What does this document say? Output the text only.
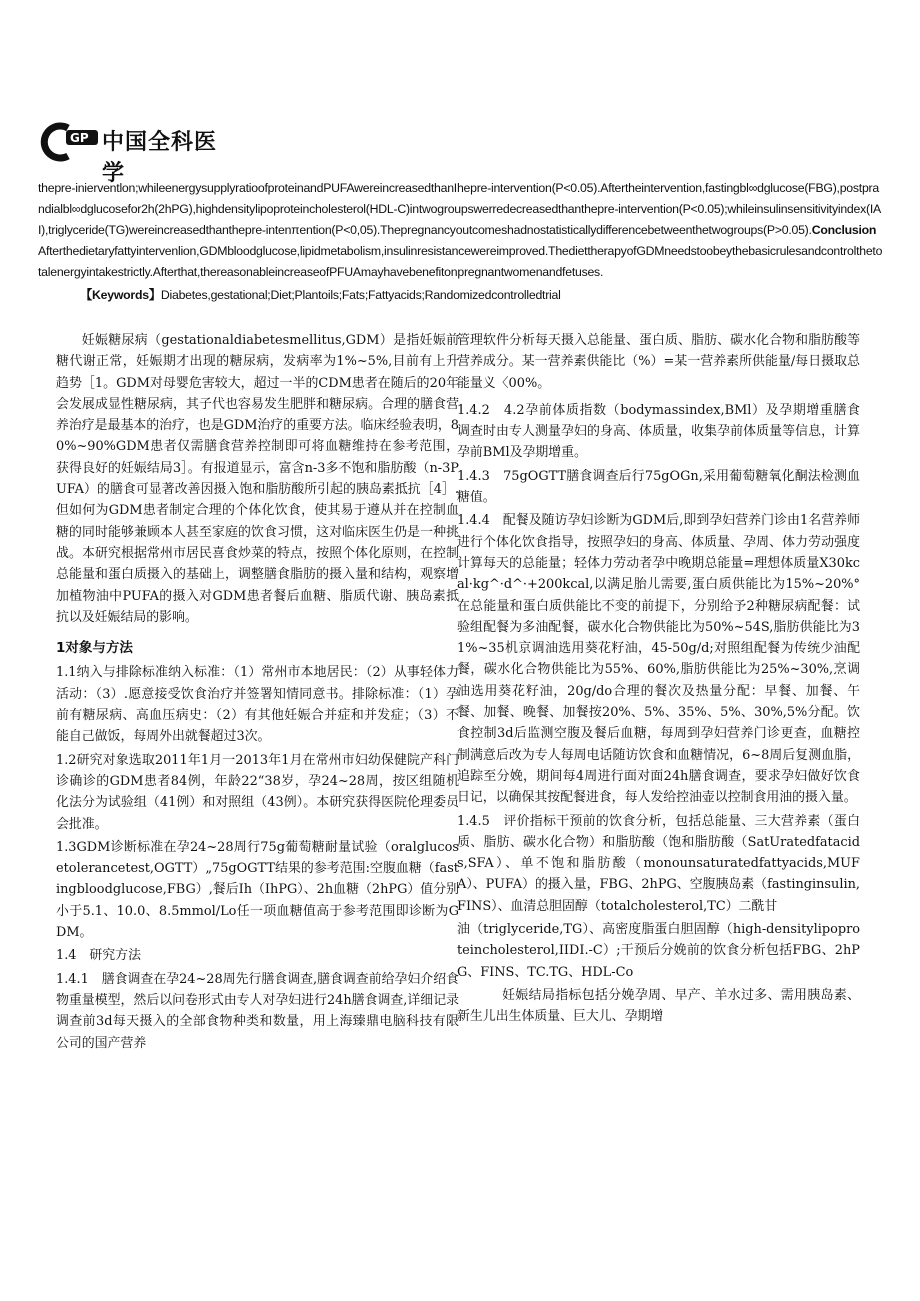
GP 中国全科医学

thepre-inierventlon;whileenergysupplyratioofproteinandPUFAwereincreasedthanIhepre-intervention(P<0.05).Aftertheintervention,fastingbl∞dglucose(FBG),postprandialbl∞dglucosefor2h(2hPG),highdensitylipoproteincholesterol(HDL-C)intwogroupswerredecreasedthanthepre-intervention(P<0.05);whileinsulinsensitivityindex(IAI),triglyceride(TG)wereincreasedthanthepre-intenπention(P<0,05).Thepregnancyoutcomeshadnostatisticallydifferencebetweenthetwogroups(P>0.05).ConclusionAfterthedietaryfattyintervenlion,GDMbloodglucose,lipidmetabolism,insulinresistancewereimproved.ThediettherapyofGDMneedstoobeythebasicrulesandcontrolthetotalenergyintakestrictly.Afterthat,thereasonableincreaseofPFUAmayhavebenefitonpregnantwomenandfetuses.

【Keywords】Diabetes,gestational;Diet;Plantoils;Fats;Fattyacids;Randomizedcontrolledtrial

妊娠糖尿病（gestationaldiabetesmellitus,GDM）是指妊娠前糖代谢正常，妊娠期才出现的糖尿病，发病率为1%~5%,目前有上升趋势［1。GDM对母婴危害较大，超过一半的CDM患者在随后的20年会发展成显性糖尿病，其子代也容易发生肥胖和糖尿病。合理的膳食营养治疗是最基本的治疗，也是GDM治疗的重要方法。临床经验表明，80%~90%GDM患者仅需膳食营养控制即可将血糖维持在参考范围，获得良好的妊娠结局3］。有报道显示，富含n-3多不饱和脂肪酸（n-3PUFA）的膳食可显著改善因摄入饱和脂肪酸所引起的胰岛素抵抗［4］.但如何为GDM患者制定合理的个体化饮食，使其易于遵从并在控制血糖的同时能够兼顾本人甚至家庭的饮食习惯，这对临床医生仍是一种挑战。本研究根据常州市居民喜食炒菜的特点，按照个体化原则，在控制总能量和蛋白质摄入的基础上，调整膳食脂肪的摄入量和结构，观察增加植物油中PUFA的摄入对GDM患者餐后血糖、脂质代谢、胰岛素抵抗以及妊娠结局的影响。

1对象与方法

1.1纳入与排除标准纳入标准：（1）常州市本地居民：（2）从事轻体力活动：（3）.愿意接受饮食治疗并签署知情同意书。排除标准：（1）孕前有糖尿病、高血压病史：（2）有其他妊娠合并症和并发症；（3）不能自己做饭，每周外出就餐超过3次。

1.2研究对象选取2011年1月一2013年1月在常州市妇幼保健院产科门诊确诊的GDM患者84例，年龄22“38岁，孕24~28周，按区组随机化法分为试验组（41例）和对照组（43例）。本研究获得医院伦理委员会批准。

1.3GDM诊断标准在孕24~28周行75g葡萄糖耐量试验（oralglucosetolerancetest,OGTT）„75gOGTT结果的参考范围:空腹血糖（fastingbloodglucose,FBG）,餐后Ih（IhPG）、2h血糖（2hPG）值分别小于5.1、10.0、8.5mmol/Lo任一项血糖值高于参考范围即诊断为GDM。

1.4　研究方法

1.4.1　膳食调查在孕24~28周先行膳食调查,膳食调查前给孕妇介绍食物重量模型，然后以问卷形式由专人对孕妇进行24h膳食调查,详细记录调查前3d每天摄入的全部食物种类和数量，用上海臻鼎电脑科技有限公司的国产营养

管理软件分析每天摄入总能量、蛋白质、脂肪、碳水化合物和脂肪酸等营养成分。某一营养素供能比（%）=某一营养素所供能量/每日摄取总能量义〈00%。

1.4.2　4.2孕前体质指数（bodymassindex,BMl）及孕期增重膳食调查时由专人测量孕妇的身高、体质量，收集孕前体质量等信息，计算孕前BMl及孕期增重。

1.4.3　75gOGTT膳食调查后行75gOGn,采用葡萄糖氧化酮法检测血糖值。

1.4.4　配餐及随访孕妇诊断为GDM后,即到孕妇营养门诊由1名营养师进行个体化饮食指导，按照孕妇的身高、体质量、孕周、体力劳动强度计算每天的总能量；轻体力劳动者孕中晚期总能量=理想体质量X30kcal·kg^·d^·+200kcal,以满足胎儿需要,蛋白质供能比为15%~20%°在总能量和蛋白质供能比不变的前提下，分别给予2种糖尿病配餐：试验组配餐为多油配餐，碳水化合物供能比为50%~54S,脂肪供能比为31%~35机京调油选用葵花籽油，45-50g/d;对照组配餐为传统少油配餐，碳水化合物供能比为55%、60%,脂肪供能比为25%~30%,烹调油选用葵花籽油，20g/do合理的餐次及热量分配：早餐、加餐、午餐、加餐、晚餐、加餐按20%、5%、35%、5%、30%,5%分配。饮食控制3d后监测空腹及餐后血糖，每周到孕妇营养门诊更查，血糖控制满意后改为专人每周电话随访饮食和血糖情况，6~8周后复测血脂，追踪至分娩，期间每4周进行面对面24h膳食调查，要求孕妇做好饮食日记，以确保其按配餐进食，每人发给控油壶以控制食用油的摄入量。

1.4.5　评价指标干预前的饮食分析，包括总能量、三大营养素（蛋白质、脂肪、碳水化合物）和脂肪酸（饱和脂肪酸（SatUratedfatacids,SFA）、单不饱和脂肪酸（monounsaturatedfattyacids,MUFA）、PUFA）的摄入量，FBG、2hPG、空腹胰岛素（fastinginsulin,FINS）、血清总胆固醇（totalcholesterol,TC）二酰甘

油（triglyceride,TG）、高密度脂蛋白胆固醇（high-densitylipoproteincholesterol,IIDI.-C）;干预后分娩前的饮食分析包括FBG、2hPG、FINS、TC.TG、HDL-Co

妊娠结局指标包括分娩孕周、早产、羊水过多、需用胰岛素、新生儿出生体质量、巨大儿、孕期增
